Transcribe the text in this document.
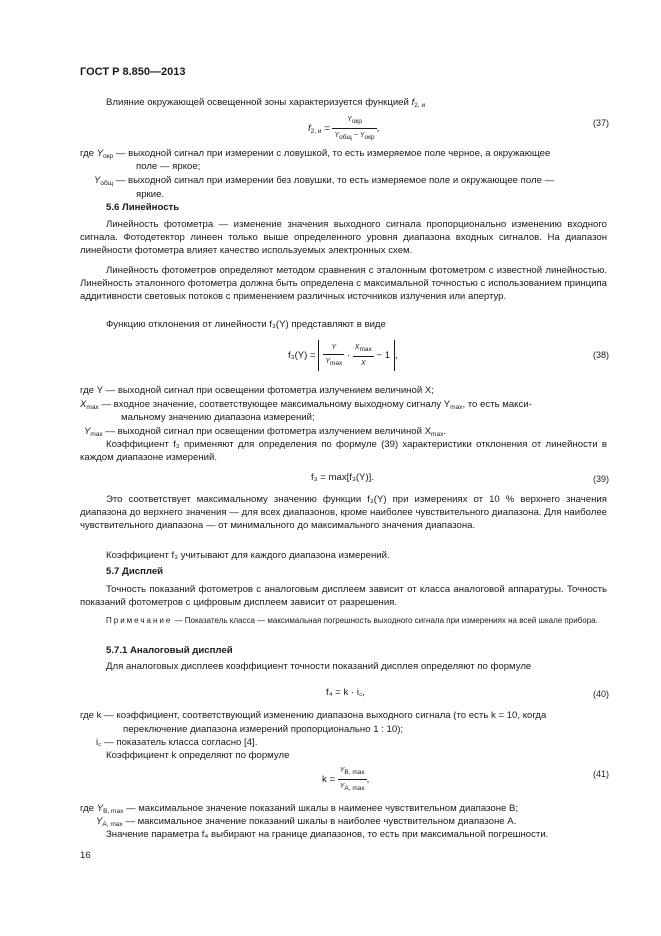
ГОСТ Р 8.850—2013
Влияние окружающей освещенной зоны характеризуется функцией $f_{2, и}$
$f_{2, и} = \frac{Y_{окр}}{Y_{общ} - Y_{окр}}$ ,
(37)
где $Y_{окр}$ — выходной сигнал при измерении с ловушкой, то есть измеряемое поле черное, а окружающее
поле — яркое;
$Y_{общ}$ — выходной сигнал при измерении без ловушки, то есть измеряемое поле и окружающее поле —
яркие.
5.6 Линейность
Линейность фотометра — изменение значения выходного сигнала пропорционально изменению входного сигнала. Фотодетектор линеен только выше определенного уровня диапазона входных сигналов. На диапазон линейности фотометра влияет качество используемых электронных схем.
Линейность фотометров определяют методом сравнения с эталонным фотометром с известной линейностью. Линейность эталонного фотометра должна быть определена с максимальной точностью с использованием принципа аддитивности световых потоков с применением различных источников излучения или апертур.
Функцию отклонения от линейности f₃(Y) представляют в виде
$f_3(Y) = \frac{Y}{Y_{max}} \cdot \frac{X_{max}}{X} - 1$ ,	(38)
где Y — выходной сигнал при освещении фотометра излучением величиной X;
$X_{max}$ — входное значение, соответствующее максимальному выходному сигналу $Y_{max}$, то есть макси-
мальному значению диапазона измерений;
$Y_{max}$ — выходной сигнал при освещении фотометра излучением величиной $X_{max}$.
Коэффициент f₃ применяют для определения по формуле (39) характеристики отклонения от линейности в каждом диапазоне измерений.
f₃ = max[f₃(Y)].	(39)
Это соответствует максимальному значению функции f₃(Y) при измерениях от 10 % верхнего значения диапазона до верхнего значения — для всех диапазонов, кроме наиболее чувствительного диапазона. Для наиболее чувствительного диапазона — от минимального до максимального значения диапазона.
Коэффициент f₃ учитывают для каждого диапазона измерений.
5.7 Дисплей
Точность показаний фотометров с аналоговым дисплеем зависит от класса аналоговой аппаратуры. Точность показаний фотометров с цифровым дисплеем зависит от разрешения.
Примечание — Показатель класса — максимальная погрешность выходного сигнала при измерениях на всей шкале прибора.
5.7.1 Аналоговый дисплей
Для аналоговых дисплеев коэффициент точности показаний дисплея определяют по формуле
f₄ = k · i꜀,	(40)
где k — коэффициент, соответствующий изменению диапазона выходного сигнала (то есть k = 10, когда
переключение диапазона измерений пропорционально 1 : 10);
i꜀ — показатель класса согласно [4].
Коэффициент k определяют по формуле
$k = \frac{Y_{B, max}}{Y_{A, max}}$ ,
(41)
где $Y_{B, max}$ — максимальное значение показаний шкалы в наименее чувствительном диапазоне B;
$Y_{A, max}$ — максимальное значение показаний шкалы в наиболее чувствительном диапазоне A.
Значение параметра f₄ выбирают на границе диапазонов, то есть при максимальной погрешности.
16
